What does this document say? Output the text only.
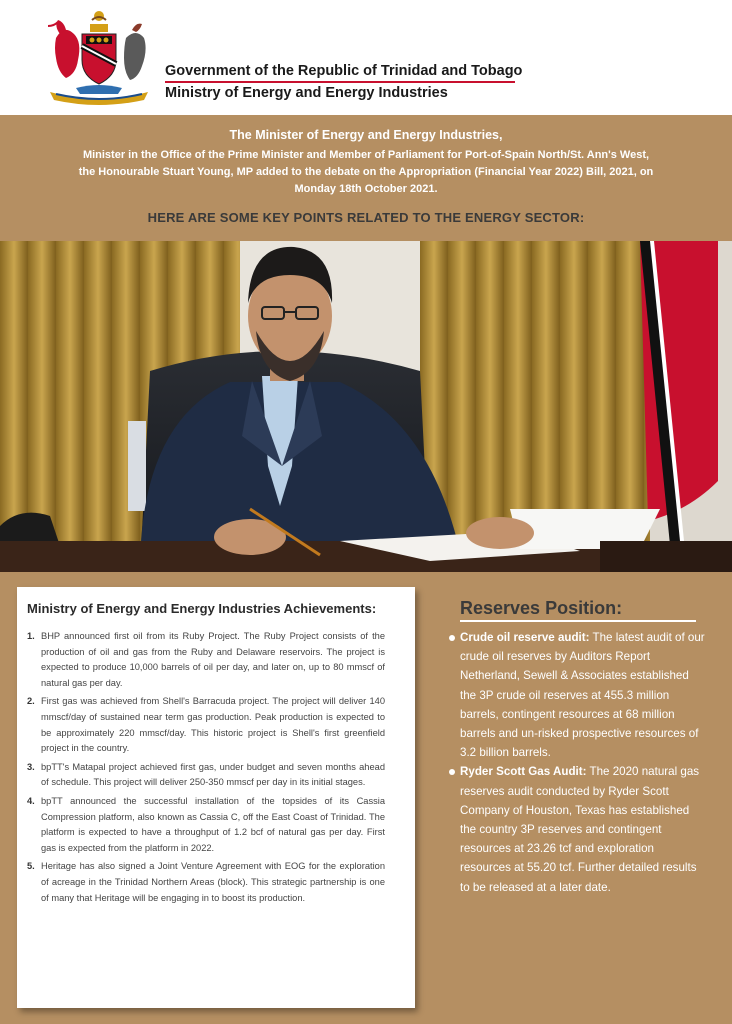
Government of the Republic of Trinidad and Tobago
Ministry of Energy and Energy Industries
The Minister of Energy and Energy Industries,
Minister in the Office of the Prime Minister and Member of Parliament for Port-of-Spain North/St. Ann's West,
the Honourable Stuart Young, MP added to the debate on the Appropriation (Financial Year 2022) Bill, 2021, on
Monday 18th October 2021.
HERE ARE SOME KEY POINTS RELATED TO THE ENERGY SECTOR:
Ministry of Energy and Energy Industries Achievements:
1. BHP announced first oil from its Ruby Project. The Ruby Project consists of the production of oil and gas from the Ruby and Delaware reservoirs. The project is expected to produce 10,000 barrels of oil per day, and later on, up to 80 mmscf of natural gas per day.
2. First gas was achieved from Shell's Barracuda project. The project will deliver 140 mmscf/day of sustained near term gas production. Peak production is expected to be approximately 220 mmscf/day. This historic project is Shell's first greenfield project in the country.
3. bpTT's Matapal project achieved first gas, under budget and seven months ahead of schedule. This project will deliver 250-350 mmscf per day in its initial stages.
4. bpTT announced the successful installation of the topsides of its Cassia Compression platform, also known as Cassia C, off the East Coast of Trinidad. The platform is expected to have a throughput of 1.2 bcf of natural gas per day. First gas is expected from the platform in 2022.
5. Heritage has also signed a Joint Venture Agreement with EOG for the exploration of acreage in the Trinidad Northern Areas (block). This strategic partnership is one of many that Heritage will be engaging in to boost its production.
Reserves Position:
Crude oil reserve audit: The latest audit of our crude oil reserves by Auditors Report Netherland, Sewell & Associates established the 3P crude oil reserves at 455.3 million barrels, contingent resources at 68 million barrels and un-risked prospective resources of 3.2 billion barrels.
Ryder Scott Gas Audit: The 2020 natural gas reserves audit conducted by Ryder Scott Company of Houston, Texas has established the country 3P reserves and contingent resources at 23.26 tcf and exploration resources at 55.20 tcf. Further detailed results to be released at a later date.
